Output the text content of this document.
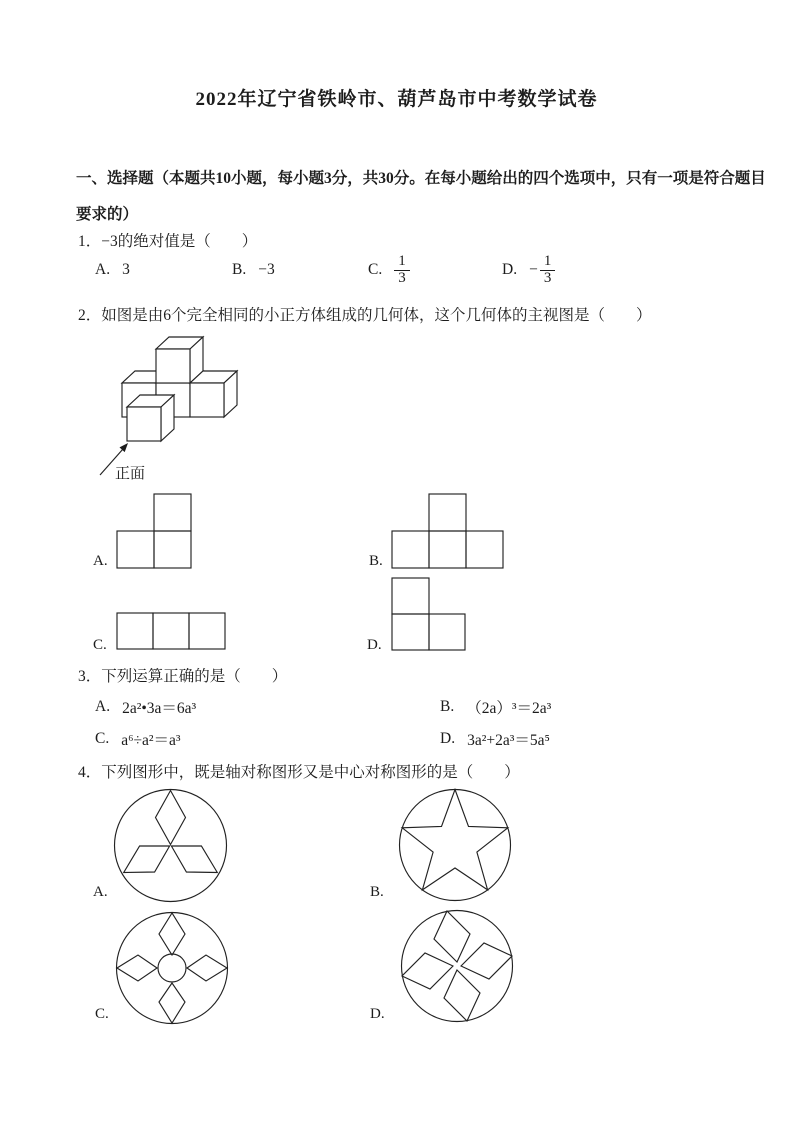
2022年辽宁省铁岭市、葫芦岛市中考数学试卷
一、选择题（本题共10小题，每小题3分，共30分。在每小题给出的四个选项中，只有一项是符合题目
要求的）
1．−3的绝对值是（　　）
A. 3	B. −3	C. $\frac{1}{3}$	D. − $\frac{1}{3}$
2．如图是由6个完全相同的小正方体组成的几何体，这个几何体的主视图是（　　）
正面
A.	B.
C.	D.
3．下列运算正确的是（　　）
A. 2a²•3a＝6a³	B. （2a）³＝2a³
C. a⁶÷a²＝a³	D. 3a²+2a³＝5a⁵
4．下列图形中，既是轴对称图形又是中心对称图形的是（　　）
A.	B.
C.	D.
